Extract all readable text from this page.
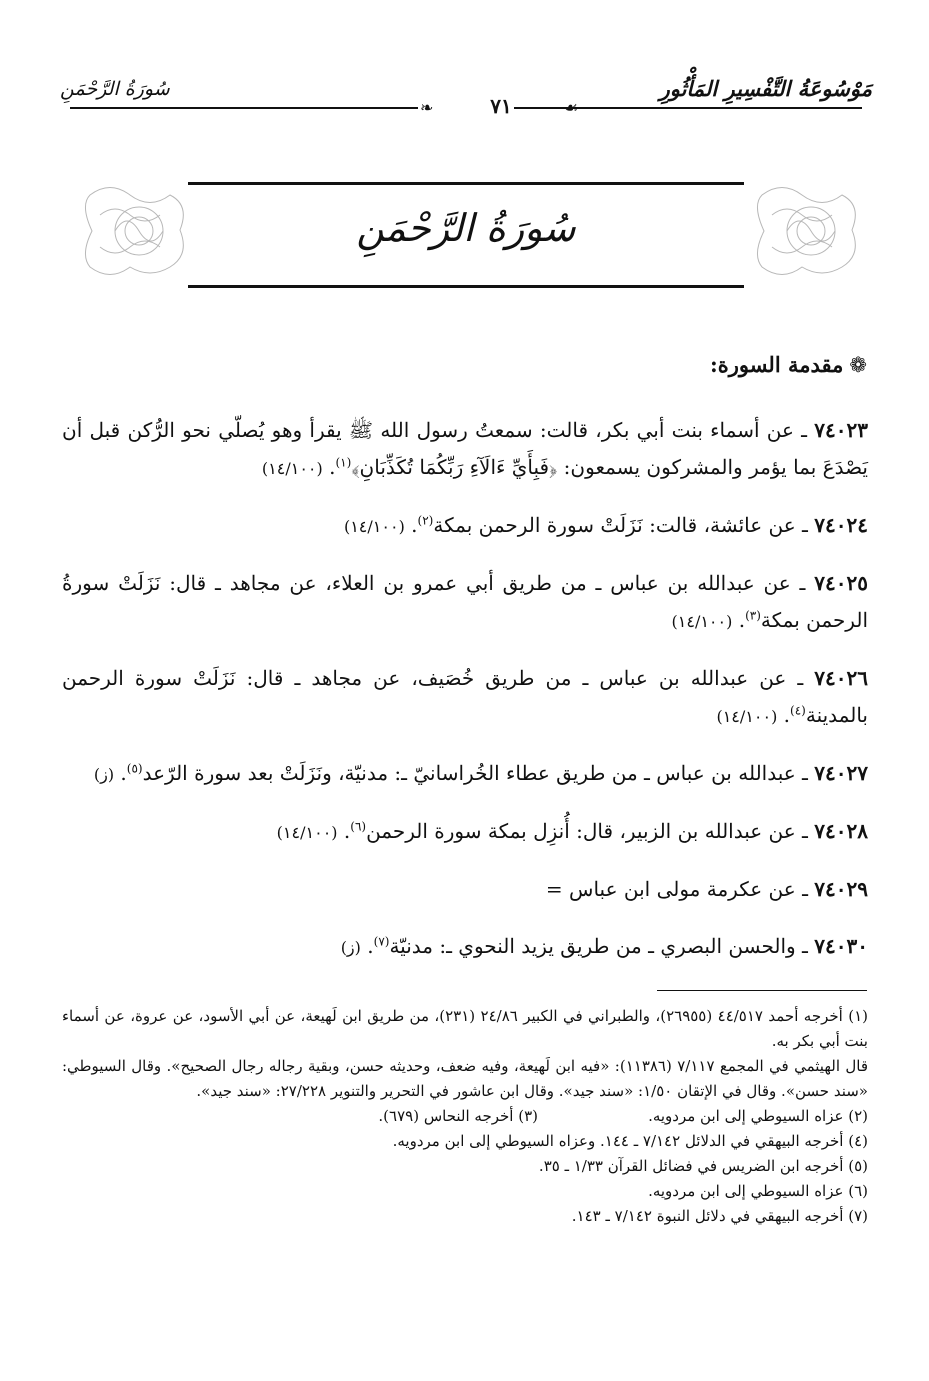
سُورَةُ الرَّحْمَنِ	مَوْسُوعَةُ التَّفْسِيرِ المَأْثُورِ
❧	٧١	☙
سُورَةُ الرَّحْمَنِ
❁مقدمة السورة:

٧٤٠٢٣ ـ عن أسماء بنت أبي بكر، قالت: سمعتُ رسول الله ﷺ يقرأ وهو يُصلّي نحو الرُّكن قبل أن يَصْدَعَ بما يؤمر والمشركون يسمعون: ﴿فَبِأَيِّ ءَالَآءِ رَبِّكُمَا تُكَذِّبَانِ﴾$^{(١)}$. (١٤/١٠٠)

٧٤٠٢٤ ـ عن عائشة، قالت: نَزَلَتْ سورة الرحمن بمكة$^{(٢)}$. (١٤/١٠٠)

٧٤٠٢٥ ـ عن عبدالله بن عباس ـ من طريق أبي عمرو بن العلاء، عن مجاهد ـ قال: نَزَلَتْ سورةُ الرحمن بمكة$^{(٣)}$. (١٤/١٠٠)

٧٤٠٢٦ ـ عن عبدالله بن عباس ـ من طريق خُصَيف، عن مجاهد ـ قال: نَزَلَتْ سورة الرحمن بالمدينة$^{(٤)}$. (١٤/١٠٠)

٧٤٠٢٧ ـ عبدالله بن عباس ـ من طريق عطاء الخُراسانيّ ـ: مدنيّة، ونَزَلَتْ بعد سورة الرّعد$^{(٥)}$. (ز)

٧٤٠٢٨ ـ عن عبدالله بن الزبير، قال: أُنزِل بمكة سورة الرحمن$^{(٦)}$. (١٤/١٠٠)

٧٤٠٢٩ ـ عن عكرمة مولى ابن عباس =

٧٤٠٣٠ ـ والحسن البصري ـ من طريق يزيد النحوي ـ: مدنيّة$^{(٧)}$. (ز)

(١) أخرجه أحمد ٤٤/٥١٧ (٢٦٩٥٥)، والطبراني في الكبير ٢٤/٨٦ (٢٣١)، من طريق ابن لَهيعة، عن أبي الأسود، عن عروة، عن أسماء بنت أبي بكر به.

قال الهيثمي في المجمع ٧/١١٧ (١١٣٨٦): «فيه ابن لَهيعة، وفيه ضعف، وحديثه حسن، وبقية رجاله رجال الصحيح». وقال السيوطي: «سند حسن». وقال في الإتقان ١/٥٠: «سند جيد». وقال ابن عاشور في التحرير والتنوير ٢٧/٢٢٨: «سند جيد».

(٢) عزاه السيوطي إلى ابن مردويه.
(٣) أخرجه النحاس (٦٧٩).

(٤) أخرجه البيهقي في الدلائل ٧/١٤٢ ـ ١٤٤. وعزاه السيوطي إلى ابن مردويه.

(٥) أخرجه ابن الضريس في فضائل القرآن ١/٣٣ ـ ٣٥.

(٦) عزاه السيوطي إلى ابن مردويه.

(٧) أخرجه البيهقي في دلائل النبوة ٧/١٤٢ ـ ١٤٣.
